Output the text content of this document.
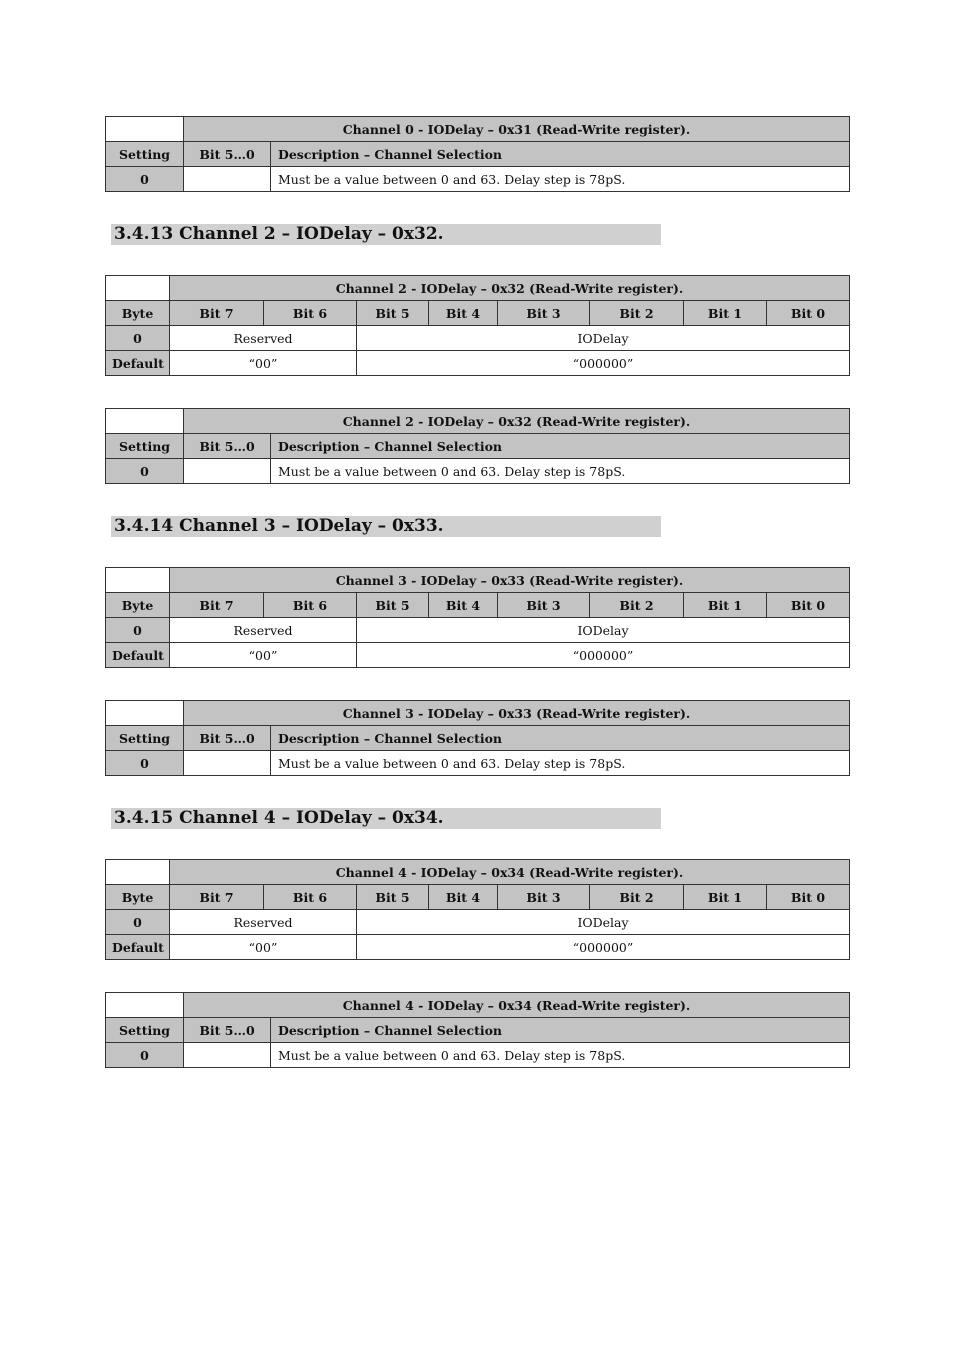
	Channel 0 - IODelay – 0x31 (Read-Write register).	
Setting	Bit 5…0	Description – Channel Selection
0		Must be a value between 0 and 63. Delay step is 78pS.
3.4.13 Channel 2 – IODelay – 0x32.
	Channel 2 - IODelay – 0x32 (Read-Write register).							
Byte	Bit 7	Bit 6	Bit 5	Bit 4	Bit 3	Bit 2	Bit 1	Bit 0
0	Reserved		IODelay					
Default	“00”		“000000”					
	Channel 2 - IODelay – 0x32 (Read-Write register).	
Setting	Bit 5…0	Description – Channel Selection
0		Must be a value between 0 and 63. Delay step is 78pS.
3.4.14 Channel 3 – IODelay – 0x33.
	Channel 3 - IODelay – 0x33 (Read-Write register).							
Byte	Bit 7	Bit 6	Bit 5	Bit 4	Bit 3	Bit 2	Bit 1	Bit 0
0	Reserved		IODelay					
Default	“00”		“000000”					
	Channel 3 - IODelay – 0x33 (Read-Write register).	
Setting	Bit 5…0	Description – Channel Selection
0		Must be a value between 0 and 63. Delay step is 78pS.
3.4.15 Channel 4 – IODelay – 0x34.
	Channel 4 - IODelay – 0x34 (Read-Write register).							
Byte	Bit 7	Bit 6	Bit 5	Bit 4	Bit 3	Bit 2	Bit 1	Bit 0
0	Reserved		IODelay					
Default	“00”		“000000”					
	Channel 4 - IODelay – 0x34 (Read-Write register).	
Setting	Bit 5…0	Description – Channel Selection
0		Must be a value between 0 and 63. Delay step is 78pS.
